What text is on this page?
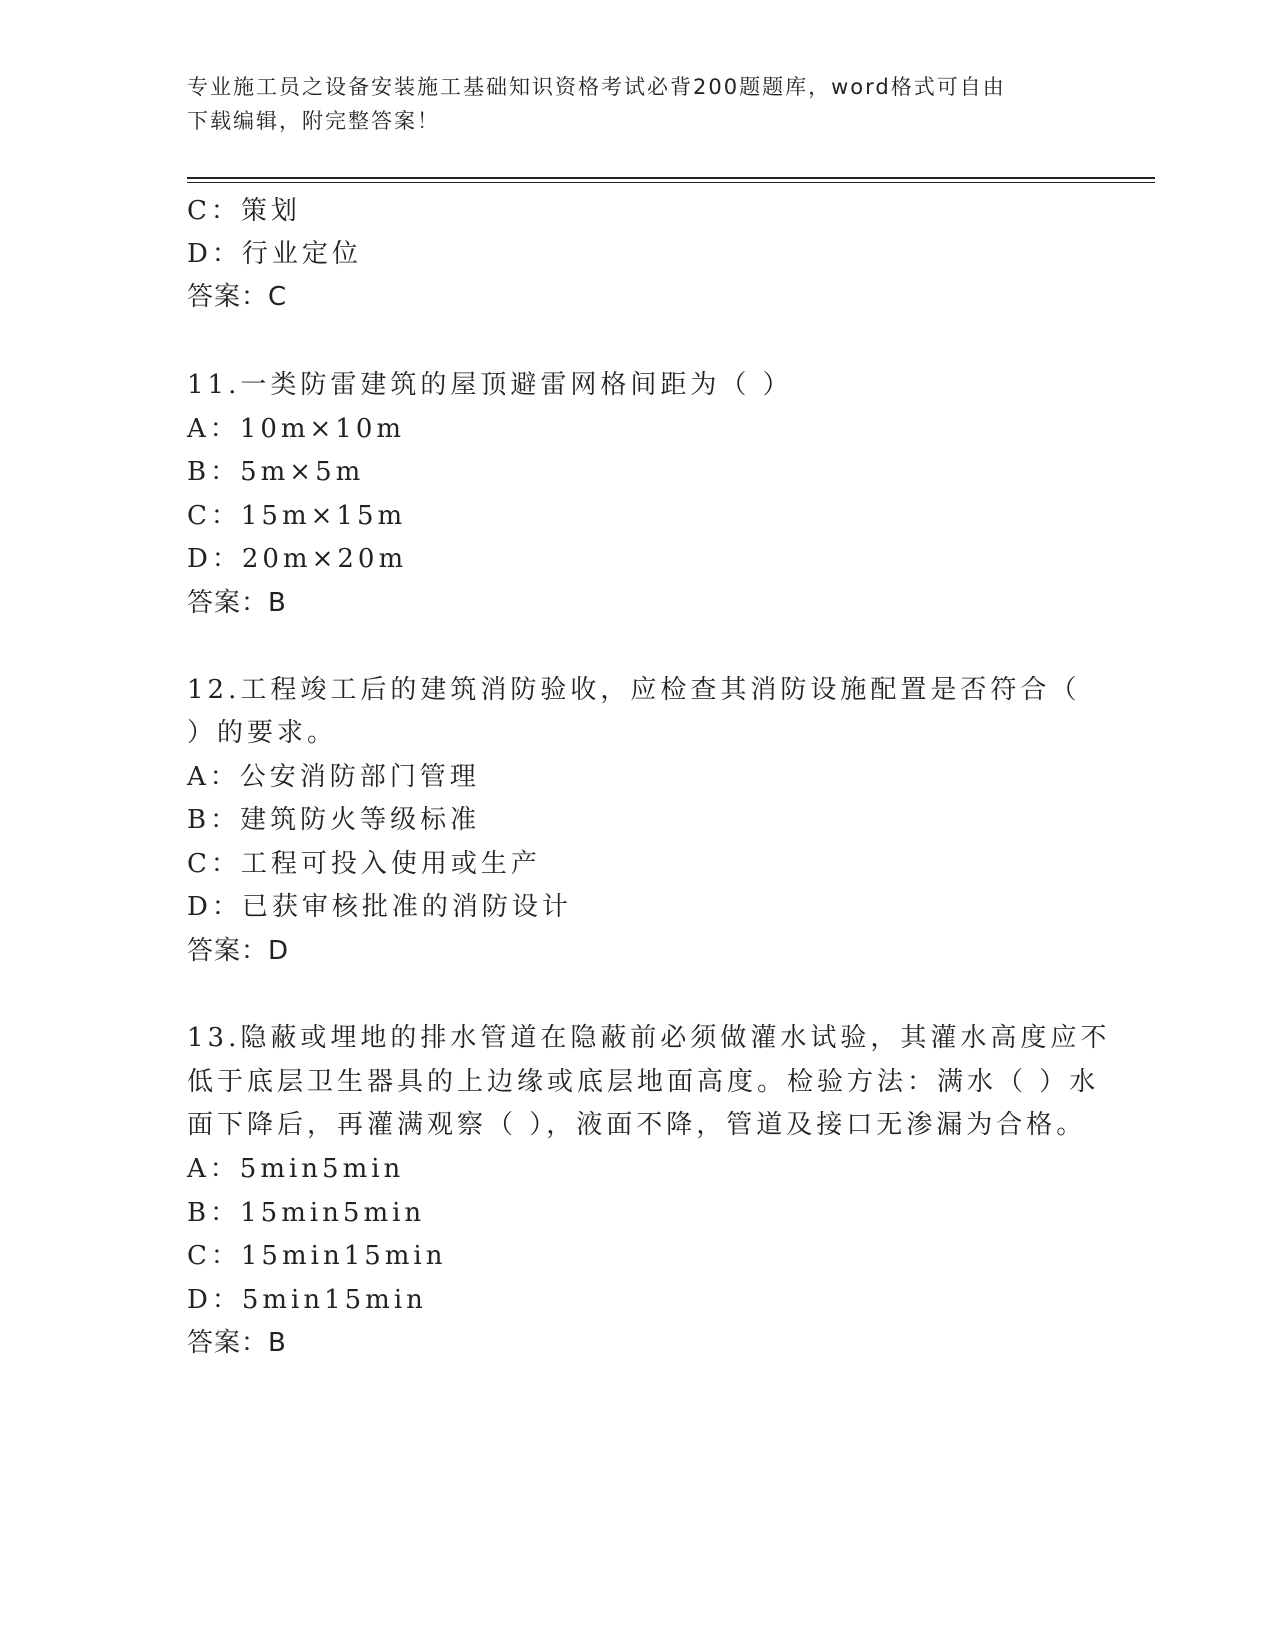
专业施工员之设备安装施工基础知识资格考试必背200题题库，word格式可自由
下载编辑，附完整答案！
C：策划
D：行业定位
答案：C
11.一类防雷建筑的屋顶避雷网格间距为（ ）
A：10m×10m
B：5m×5m
C：15m×15m
D：20m×20m
答案：B
12.工程竣工后的建筑消防验收，应检查其消防设施配置是否符合（
）的要求。
A：公安消防部门管理
B：建筑防火等级标准
C：工程可投入使用或生产
D：已获审核批准的消防设计
答案：D
13.隐蔽或埋地的排水管道在隐蔽前必须做灌水试验，其灌水高度应不
低于底层卫生器具的上边缘或底层地面高度。检验方法：满水（ ）水
面下降后，再灌满观察（ ），液面不降，管道及接口无渗漏为合格。
A：5min5min
B：15min5min
C：15min15min
D：5min15min
答案：B
